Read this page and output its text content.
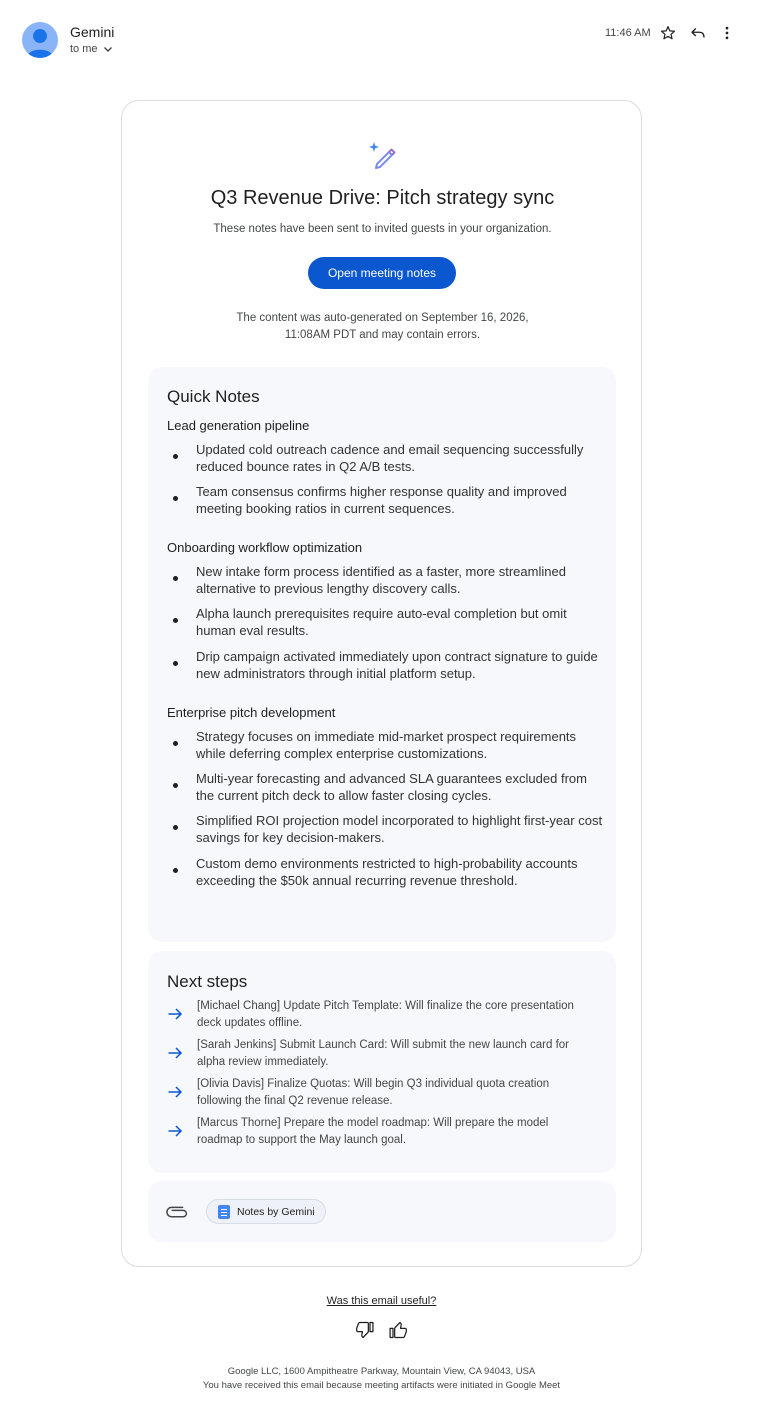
Gemini
to me
11:46 AM
Q3 Revenue Drive: Pitch strategy sync
These notes have been sent to invited guests in your organization.
Open meeting notes
The content was auto-generated on September 16, 2026,
11:08AM PDT and may contain errors.
Quick Notes
Lead generation pipeline
Updated cold outreach cadence and email sequencing successfully reduced bounce rates in Q2 A/B tests.
Team consensus confirms higher response quality and improved meeting booking ratios in current sequences.
Onboarding workflow optimization
New intake form process identified as a faster, more streamlined alternative to previous lengthy discovery calls.
Alpha launch prerequisites require auto-eval completion but omit human eval results.
Drip campaign activated immediately upon contract signature to guide new administrators through initial platform setup.
Enterprise pitch development
Strategy focuses on immediate mid-market prospect requirements while deferring complex enterprise customizations.
Multi-year forecasting and advanced SLA guarantees excluded from the current pitch deck to allow faster closing cycles.
Simplified ROI projection model incorporated to highlight first-year cost savings for key decision-makers.
Custom demo environments restricted to high-probability accounts exceeding the $50k annual recurring revenue threshold.
Next steps
[Michael Chang] Update Pitch Template: Will finalize the core presentation deck updates offline.
[Sarah Jenkins] Submit Launch Card: Will submit the new launch card for alpha review immediately.
[Olivia Davis] Finalize Quotas: Will begin Q3 individual quota creation following the final Q2 revenue release.
[Marcus Thorne] Prepare the model roadmap: Will prepare the model roadmap to support the May launch goal.
Notes by Gemini
Was this email useful?
Google LLC, 1600 Ampitheatre Parkway, Mountain View, CA 94043, USA
You have received this email because meeting artifacts were initiated in Google Meet
